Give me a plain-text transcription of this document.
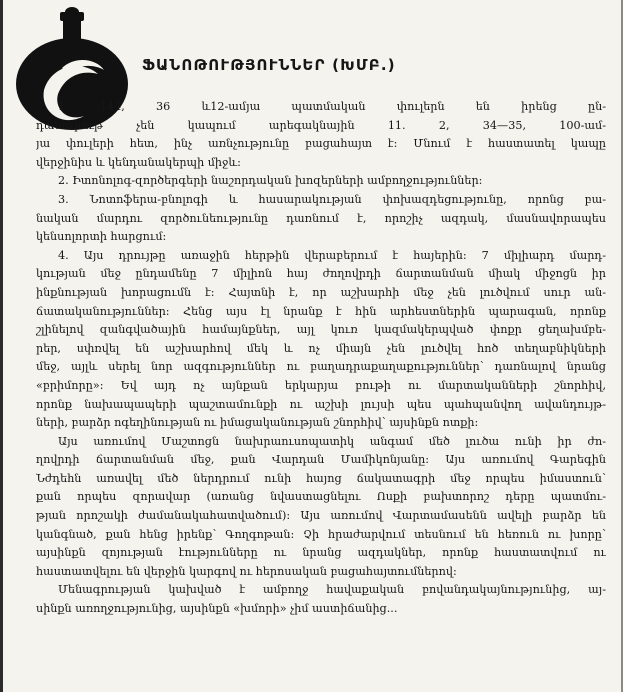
ՖԱՆՈԹՈՒԹՅՈՒՆՆԵՐ (ԽՄԲ.)
1. 144, 36 և12-ամյա պատմական փուլերն են իրենց ըն-
դանուրութ չեն կապում արեգակնային 11. 2, 34—35, 100-ամ-
յա փուլերի հետ, ինչ առնչությունը բացահայտ է: Մնում է հաստատել կապը
վերջինիս և կենդանակերպի միջև:
2. Իտոնոլոգ-զործերգերի նաշորդական խոզերների ամբողջություններ:
3. Նոտոֆերա-բնոլոգի և հասարակության փոխազդեցությունը, որոնց բա-
նական մարդու զործունեությունը դառնում է, որոշիչ ազդակ, մասնավորապես
կենսոլորտի հարցում:
4. Այս դրույթը առաջին հերթին վերաբերում է հայերին: 7 միլիարդ մարդ-
կության մեջ ընդամենը 7 միլիոն հայ ժողովրդի ճարտանման միակ միջոցն իր
ինքնության խորացումն է: Հայտնի է, որ աշխարհի մեջ չեն լուծվում սուր ան-
ճատականություններ: Հենց այս էլ նրանք է հին արհեստներին պարագան, որոնք
շլինելով զանգվածային համայնքներ, այլ կուռ կազմակերպված փոքր ցեղախմբե-
րեր, սփռվել են աշխարհով մեկ և ոչ միայն չեն լուծվել հոծ տեղաբնիկների
մեջ, այլև սերել նոր ազգություններ ու բաղադրաքաղաքություններ՝ դառնալով նրանց
«բրիմորը»: Եվ այդ ոչ այնքան երկարյա բութի ու մարտականների շնորհիվ,
որոնք նախապապերի պաշտամունքի ու աշխի լույսի պես պահպանվող ավանդույթ-
ների, բարձր ոգեղինության ու իմացականության շնորհիվ՝ այսինքն ոտքի:
Այս առումով Մաշտոցն նախրաուսոպատիկ անգամ մեծ լուծա ունի իր ժո-
ղովրդի ճարտանման մեջ, քան Վարդան Մամիկոնյանը: Այս առումով Գարեգին
Նժդեհն առավել մեծ ներդրում ունի հայոց ճակատագրի մեջ որպես իմաստուն՝
քան որպես զորավար (առանց նվաստացնելու Ոսքի բախտորոշ դերը պատմու-
թյան որոշակի ժամանակահատվածում): Այս առումով Վարտամասենն ավելի բարձր են
կանգնած, քան հենց իրենք՝ Գողգոթան: Չի հրաժարվում տեսնում են հեռուն ու խորը՝
այսինքն զոյության էությունները ու նրանց ազդակներ, որոնք հաստատվում ու
հաստատվելու են վերջին կարգով ու հերոսական բացահայտումներով:
Մենագրության կախված է ամբողջ հավաքական բովանդակայնությունից, այ-
սինքն առողջությունից, այսինքն «խմորի» չիմ աստիճանից...
